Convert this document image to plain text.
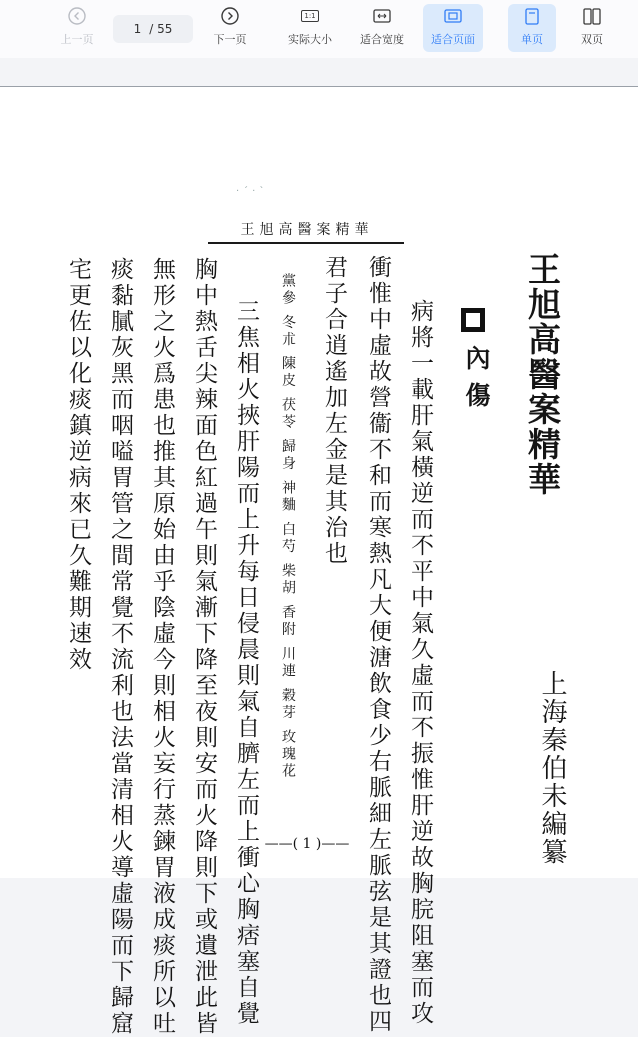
上一页
1 / 55
下一页
1:1
实际大小	适合宽度 适合页面	单页	双页
·ˊ·ˋ
王旭高醫案精華
王旭高醫案精華
上海秦伯未編纂
內傷
病將一載肝氣橫逆而不平中氣久虛而不振惟肝逆故胸脘阻塞而攻
衝惟中虛故營衞不和而寒熱凡大便溏飲食少右脈細左脈弦是其證也四
君子合逍遙加左金是其治也
黨參 冬朮 陳皮 茯苓 歸身 神麯 白芍 柴胡 香附 川連 穀芽 玫瑰花
三焦相火挾肝陽而上升每日侵晨則氣自臍左而上衝心胸痞塞自覺
胸中熱舌尖辣面色紅過午則氣漸下降至夜則安而火降則下或遺泄此皆
無形之火爲患也推其原始由乎陰虛今則相火妄行蒸鍊胃液成痰所以吐
痰黏膩灰黑而咽嗌胃管之間常覺不流利也法當清相火導虛陽而下歸窟
宅更佐以化痰鎮逆病來已久難期速效
——( 1 )——
